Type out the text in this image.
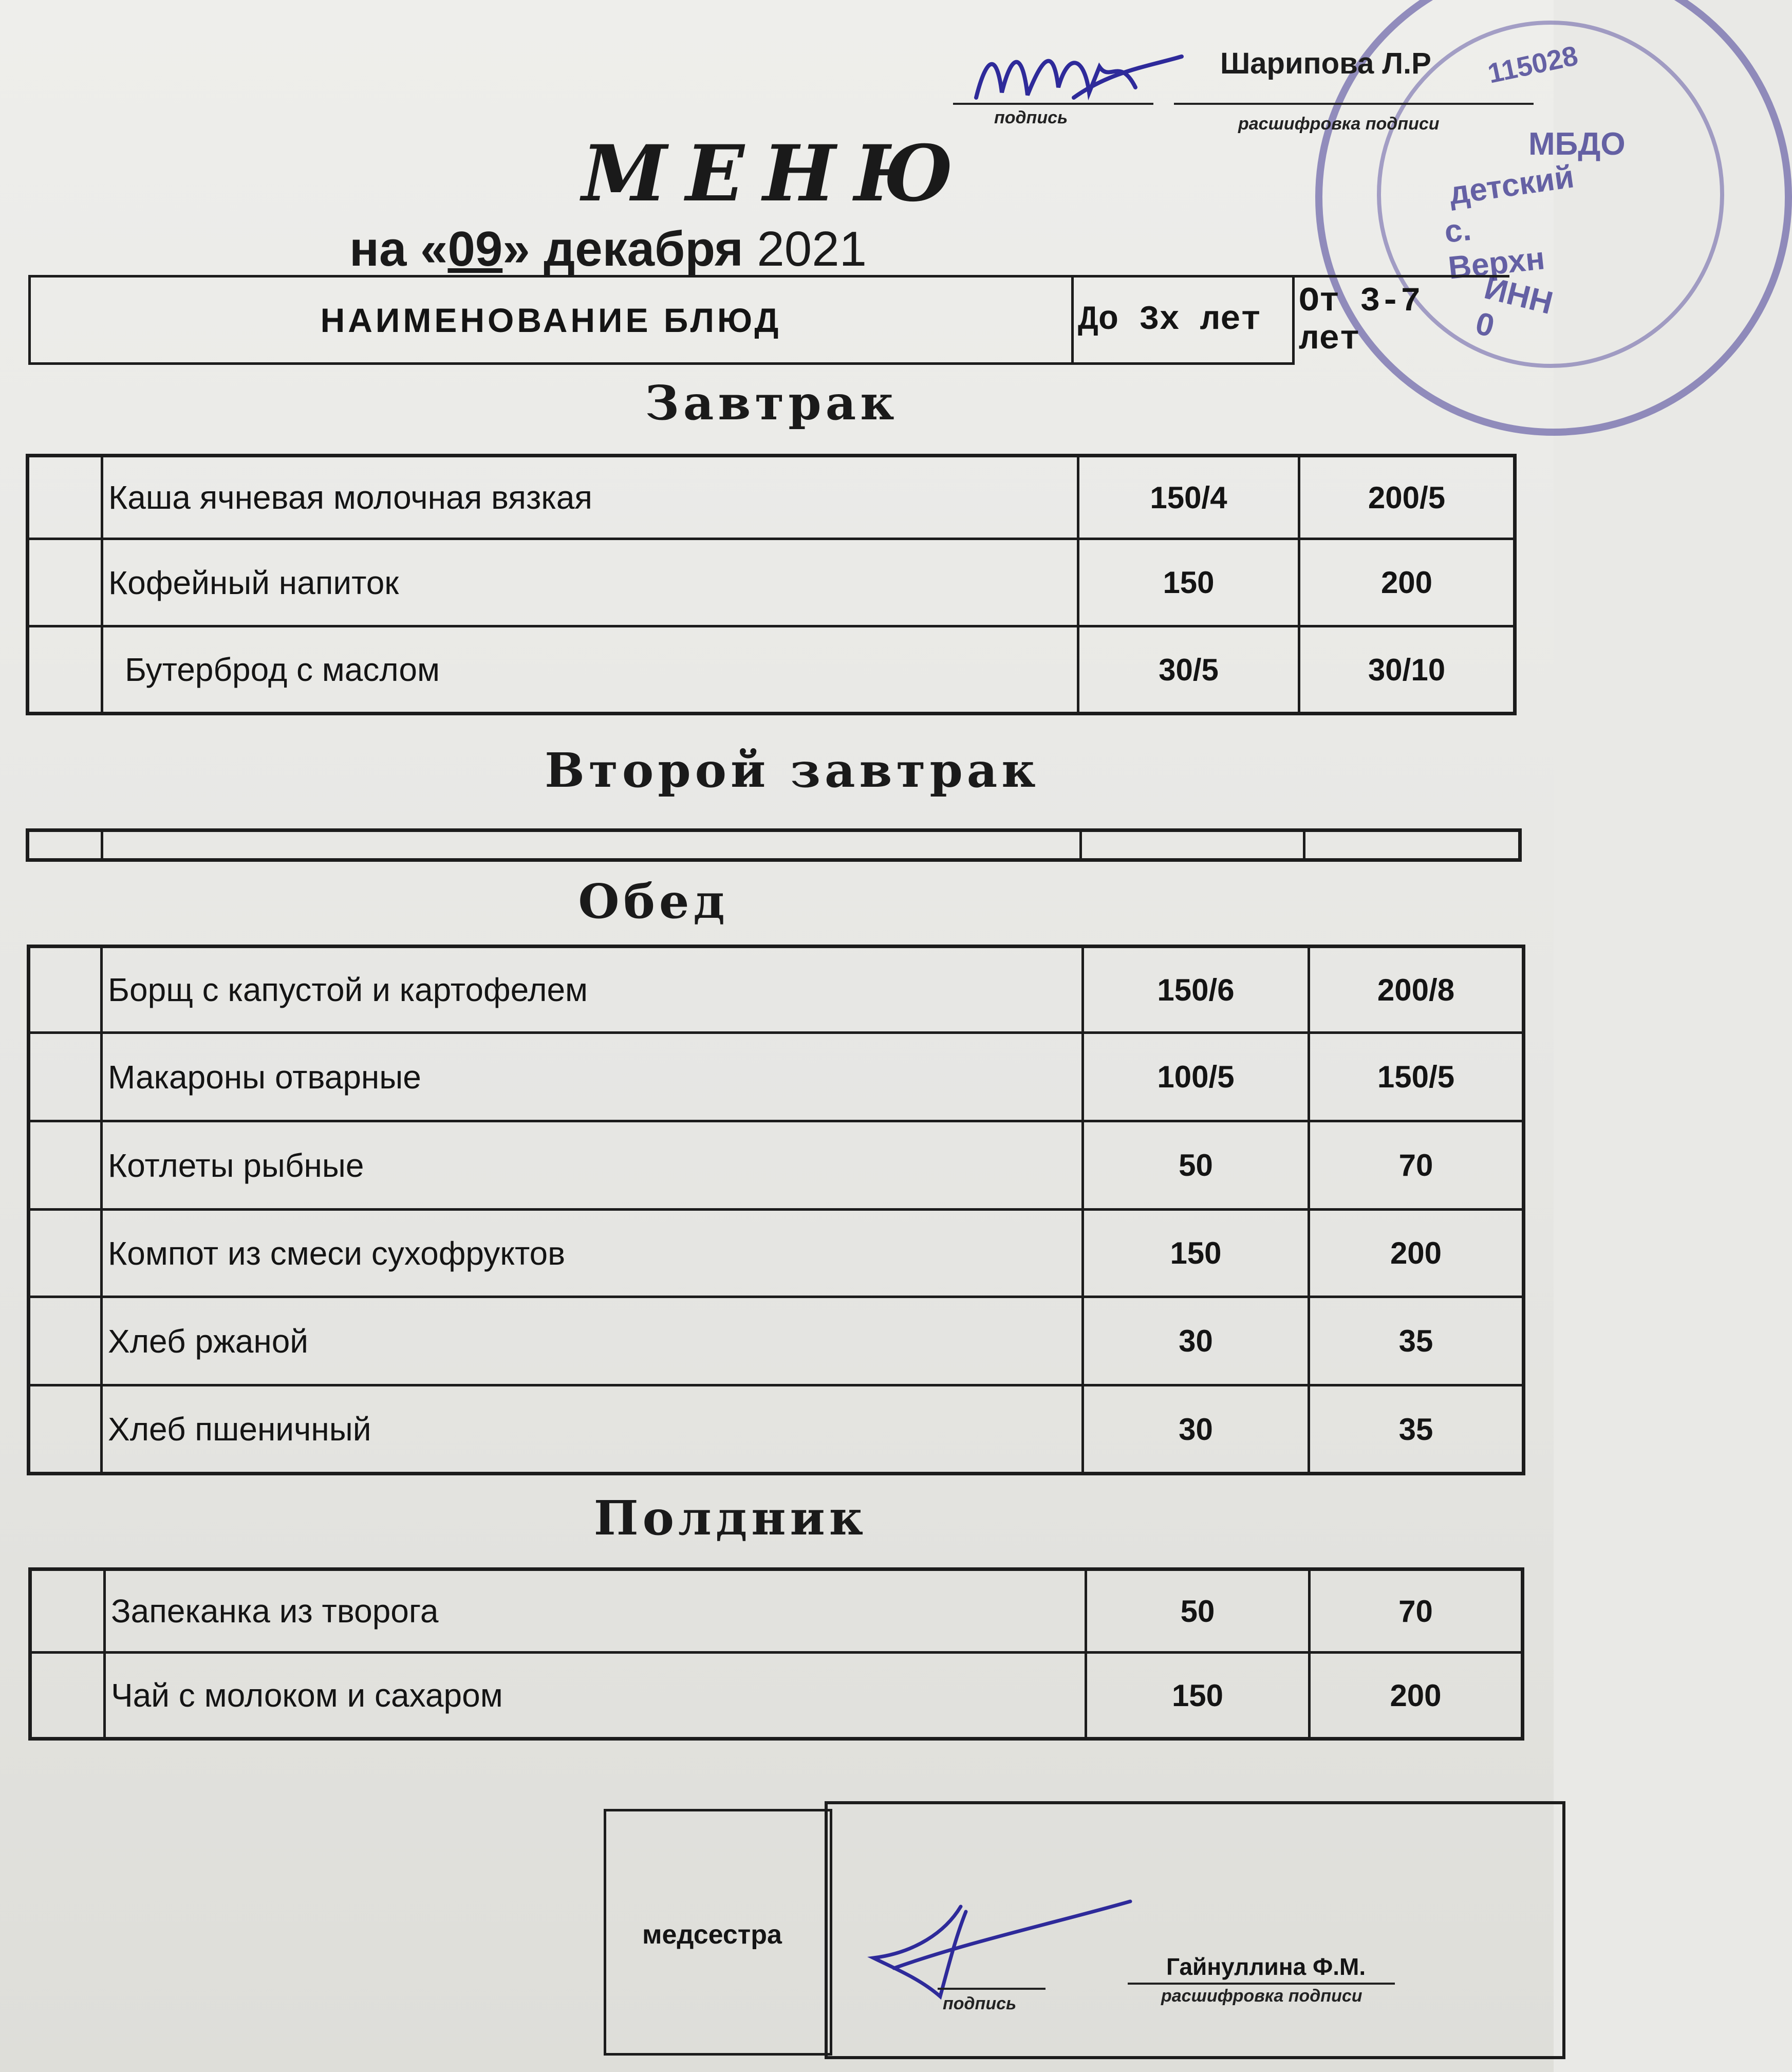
МБДО
детский
с. Верхн
ИНН 0
115028
подпись
Шарипова Л.Р
расшифровка подписи
МЕНЮ
на «09» декабря 2021
НАИМЕНОВАНИЕ БЛЮД	До 3х лет	От 3-7
лет
Завтрак
	Каша ячневая молочная вязкая	150/4	200/5
	Кофейный напиток	150	200
	Бутерброд с маслом	30/5	30/10
Второй завтрак

Обед
	Борщ с капустой и картофелем	150/6	200/8
	Макароны отварные	100/5	150/5
	Котлеты рыбные	50	70
	Компот из смеси сухофруктов	150	200
	Хлеб ржаной	30	35
	Хлеб пшеничный	30	35
Полдник
	Запеканка из творога	50	70
	Чай с молоком и сахаром	150	200
медсестра
подпись
Гайнуллина Ф.М.
расшифровка подписи
